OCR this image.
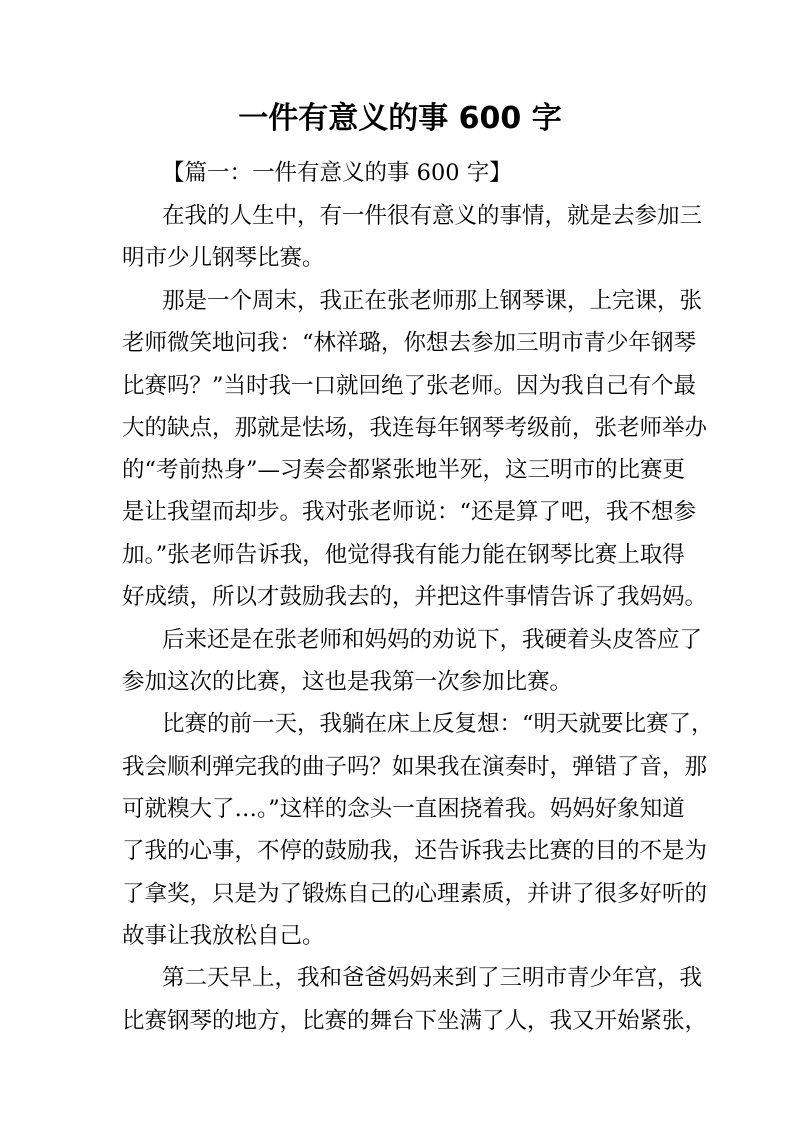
一件有意义的事 600 字

【篇一：一件有意义的事 600 字】

在我的人生中，有一件很有意义的事情，就是去参加三

明市少儿钢琴比赛。

那是一个周末，我正在张老师那上钢琴课，上完课，张

老师微笑地问我：“林祥璐，你想去参加三明市青少年钢琴

比赛吗？”当时我一口就回绝了张老师。因为我自己有个最

大的缺点，那就是怯场，我连每年钢琴考级前，张老师举办

的“考前热身”—习奏会都紧张地半死，这三明市的比赛更

是让我望而却步。我对张老师说：“还是算了吧，我不想参

加。”张老师告诉我，他觉得我有能力能在钢琴比赛上取得

好成绩，所以才鼓励我去的，并把这件事情告诉了我妈妈。

后来还是在张老师和妈妈的劝说下，我硬着头皮答应了

参加这次的比赛，这也是我第一次参加比赛。

比赛的前一天，我躺在床上反复想：“明天就要比赛了，

我会顺利弹完我的曲子吗？如果我在演奏时，弹错了音，那

可就糗大了…。”这样的念头一直困挠着我。妈妈好象知道

了我的心事，不停的鼓励我，还告诉我去比赛的目的不是为

了拿奖，只是为了锻炼自己的心理素质，并讲了很多好听的

故事让我放松自己。

第二天早上，我和爸爸妈妈来到了三明市青少年宫，我

比赛钢琴的地方，比赛的舞台下坐满了人，我又开始紧张，
